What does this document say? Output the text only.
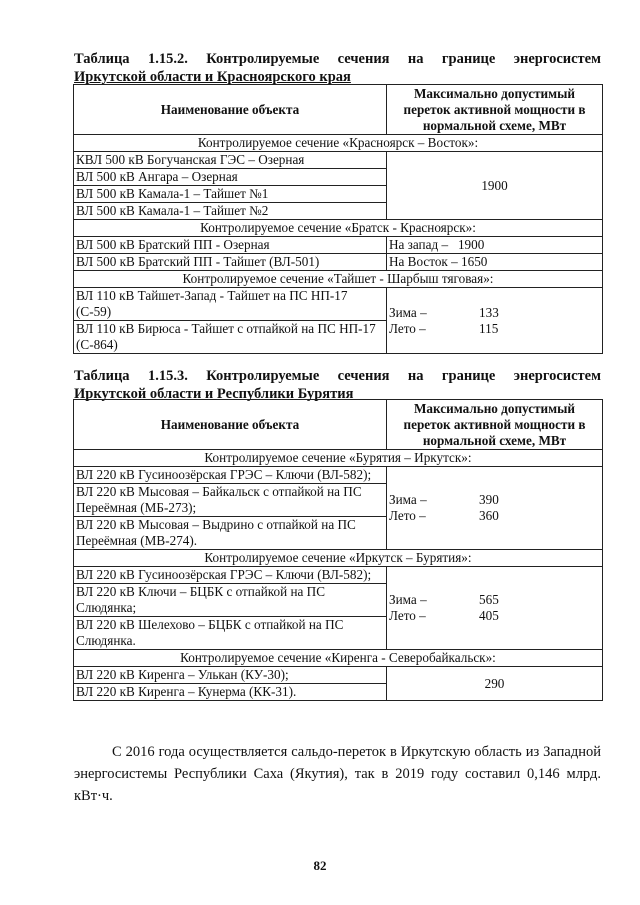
Таблица 1.15.2. Контролируемые сечения на границе энергосистем
Иркутской области и Красноярского края
Наименование объекта	Максимально допустимый переток активной мощности в нормальной схеме, МВт
Контролируемое сечение «Красноярск – Восток»:	
КВЛ 500 кВ Богучанская ГЭС – Озерная	1900
ВЛ 500 кВ Ангара – Озерная	
ВЛ 500 кВ Камала-1 – Тайшет №1	
ВЛ 500 кВ Камала-1 – Тайшет №2	
Контролируемое сечение «Братск - Красноярск»:	
ВЛ 500 кВ Братский ПП - Озерная	На запад –   1900
ВЛ 500 кВ Братский ПП - Тайшет (ВЛ-501)	На Восток – 1650
Контролируемое сечение «Тайшет - Шарбыш тяговая»:	
ВЛ 110 кВ Тайшет-Запад - Тайшет на ПС НП-17 (С-59)	Зима – 133
Лето – 115

ВЛ 110 кВ Бирюса - Тайшет с отпайкой на ПС НП-17 (С-864)	
Таблица 1.15.3. Контролируемые сечения на границе энергосистем
Иркутской области и Республики Бурятия
Наименование объекта	Максимально допустимый переток активной мощности в нормальной схеме, МВт
Контролируемое сечение «Бурятия – Иркутск»:	
ВЛ 220 кВ Гусиноозёрская ГРЭС – Ключи (ВЛ-582);	Зима – 390
Лето – 360

ВЛ 220 кВ Мысовая – Байкальск с отпайкой на ПС Переёмная (МБ-273);	
ВЛ 220 кВ Мысовая – Выдрино с отпайкой на ПС Переёмная (МВ-274).	
Контролируемое сечение «Иркутск – Бурятия»:	
ВЛ 220 кВ Гусиноозёрская ГРЭС – Ключи (ВЛ-582);	Зима – 565
Лето – 405

ВЛ 220 кВ Ключи – БЦБК с отпайкой на ПС Слюдянка;	
ВЛ 220 кВ Шелехово – БЦБК с отпайкой на ПС Слюдянка.	
Контролируемое сечение «Киренга - Северобайкальск»:	
ВЛ 220 кВ Киренга – Улькан (КУ-30);	290
ВЛ 220 кВ Киренга – Кунерма (КК-31).	
С 2016 года осуществляется сальдо-переток в Иркутскую область из Западной энергосистемы Республики Саха (Якутия), так в 2019 году составил 0,146 млрд. кВт·ч.
82
